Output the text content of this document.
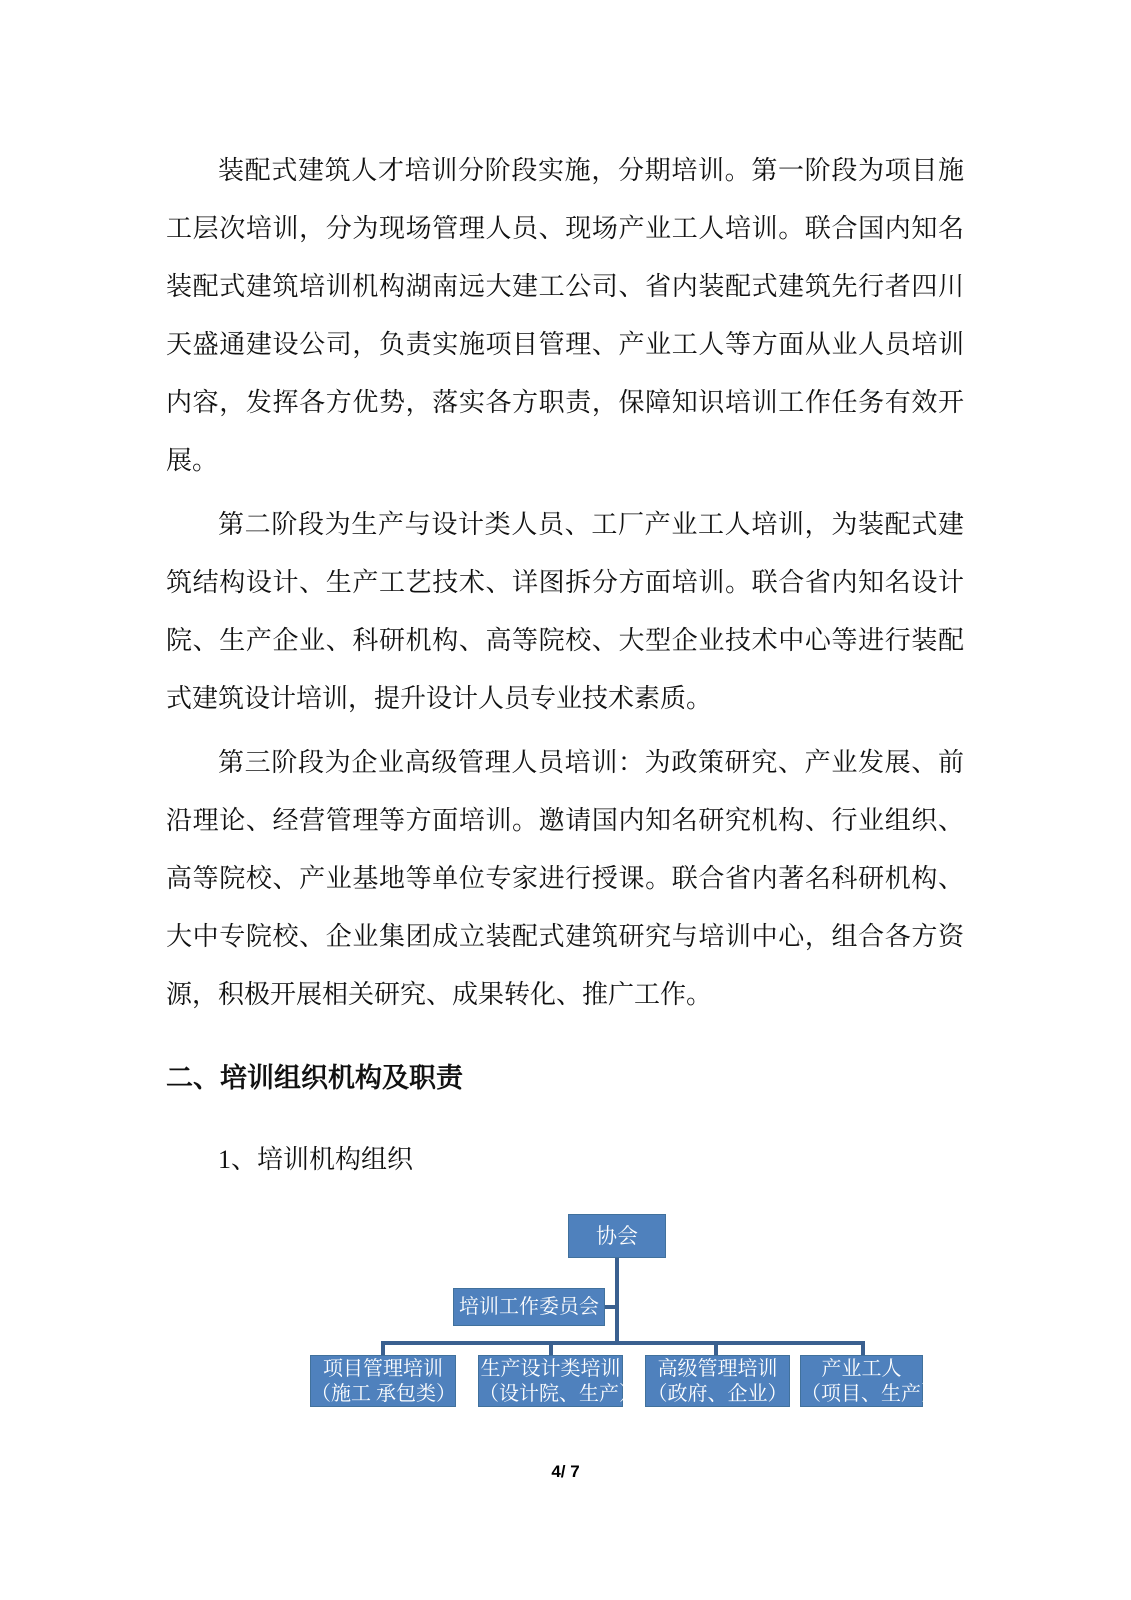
装配式建筑人才培训分阶段实施，分期培训。第一阶段为项目施工层次培训，分为现场管理人员、现场产业工人培训。联合国内知名装配式建筑培训机构湖南远大建工公司、省内装配式建筑先行者四川天盛通建设公司，负责实施项目管理、产业工人等方面从业人员培训内容，发挥各方优势，落实各方职责，保障知识培训工作任务有效开展。

第二阶段为生产与设计类人员、工厂产业工人培训，为装配式建筑结构设计、生产工艺技术、详图拆分方面培训。联合省内知名设计院、生产企业、科研机构、高等院校、大型企业技术中心等进行装配式建筑设计培训，提升设计人员专业技术素质。

第三阶段为企业高级管理人员培训：为政策研究、产业发展、前沿理论、经营管理等方面培训。邀请国内知名研究机构、行业组织、高等院校、产业基地等单位专家进行授课。联合省内著名科研机构、大中专院校、企业集团成立装配式建筑研究与培训中心，组合各方资源，积极开展相关研究、成果转化、推广工作。

二、培训组织机构及职责

1、培训机构组织

协会
培训工作委员会
项目管理培训
（施工 承包类）
生产设计类培训
（设计院、生产）
高级管理培训
（政府、企业）
产业工人
（项目、生产）
4/ 7
